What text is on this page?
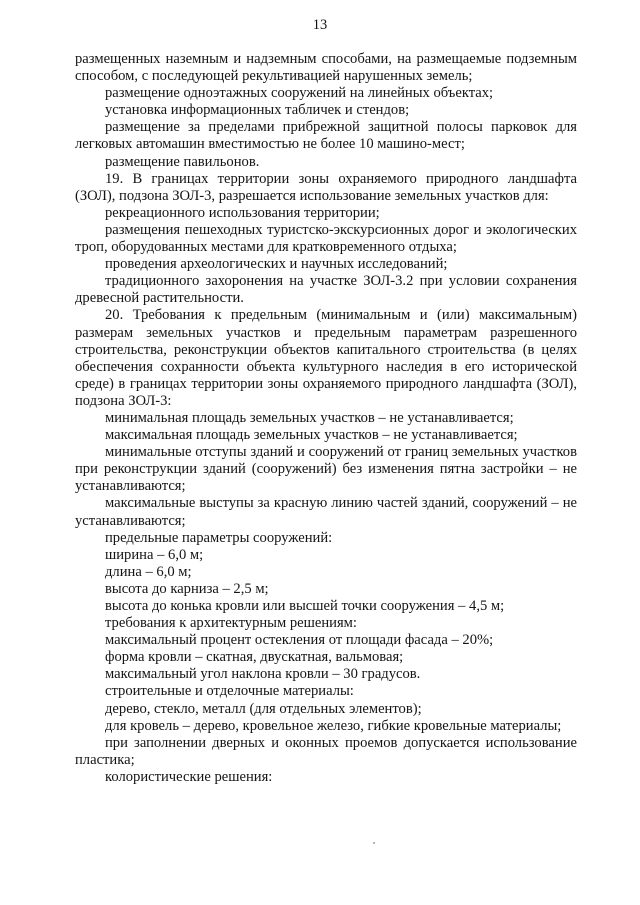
13

размещенных наземным и надземным способами, на размещаемые подземным способом, с последующей рекультивацией нарушенных земель;

размещение одноэтажных сооружений на линейных объектах;

установка информационных табличек и стендов;

размещение за пределами прибрежной защитной полосы парковок для легковых автомашин вместимостью не более 10 машино-мест;

размещение павильонов.

19. В границах территории зоны охраняемого природного ландшафта (ЗОЛ), подзона ЗОЛ-3, разрешается использование земельных участков для:

рекреационного использования территории;

размещения пешеходных туристско-экскурсионных дорог и экологических троп, оборудованных местами для кратковременного отдыха;

проведения археологических и научных исследований;

традиционного захоронения на участке ЗОЛ-3.2 при условии сохранения древесной растительности.

20. Требования к предельным (минимальным и (или) максимальным) размерам земельных участков и предельным параметрам разрешенного строительства, реконструкции объектов капитального строительства (в целях обеспечения сохранности объекта культурного наследия в его исторической среде) в границах территории зоны охраняемого природного ландшафта (ЗОЛ), подзона ЗОЛ-3:

минимальная площадь земельных участков – не устанавливается;

максимальная площадь земельных участков – не устанавливается;

минимальные отступы зданий и сооружений от границ земельных участков при реконструкции зданий (сооружений) без изменения пятна застройки – не устанавливаются;

максимальные выступы за красную линию частей зданий, сооружений – не устанавливаются;

предельные параметры сооружений:

ширина – 6,0 м;

длина – 6,0 м;

высота до карниза – 2,5 м;

высота до конька кровли или высшей точки сооружения – 4,5 м;

требования к архитектурным решениям:

максимальный процент остекления от площади фасада – 20%;

форма кровли – скатная, двускатная, вальмовая;

максимальный угол наклона кровли – 30 градусов.

строительные и отделочные материалы:

дерево, стекло, металл (для отдельных элементов);

для кровель – дерево, кровельное железо, гибкие кровельные материалы;

при заполнении дверных и оконных проемов допускается использование пластика;

колористические решения:
